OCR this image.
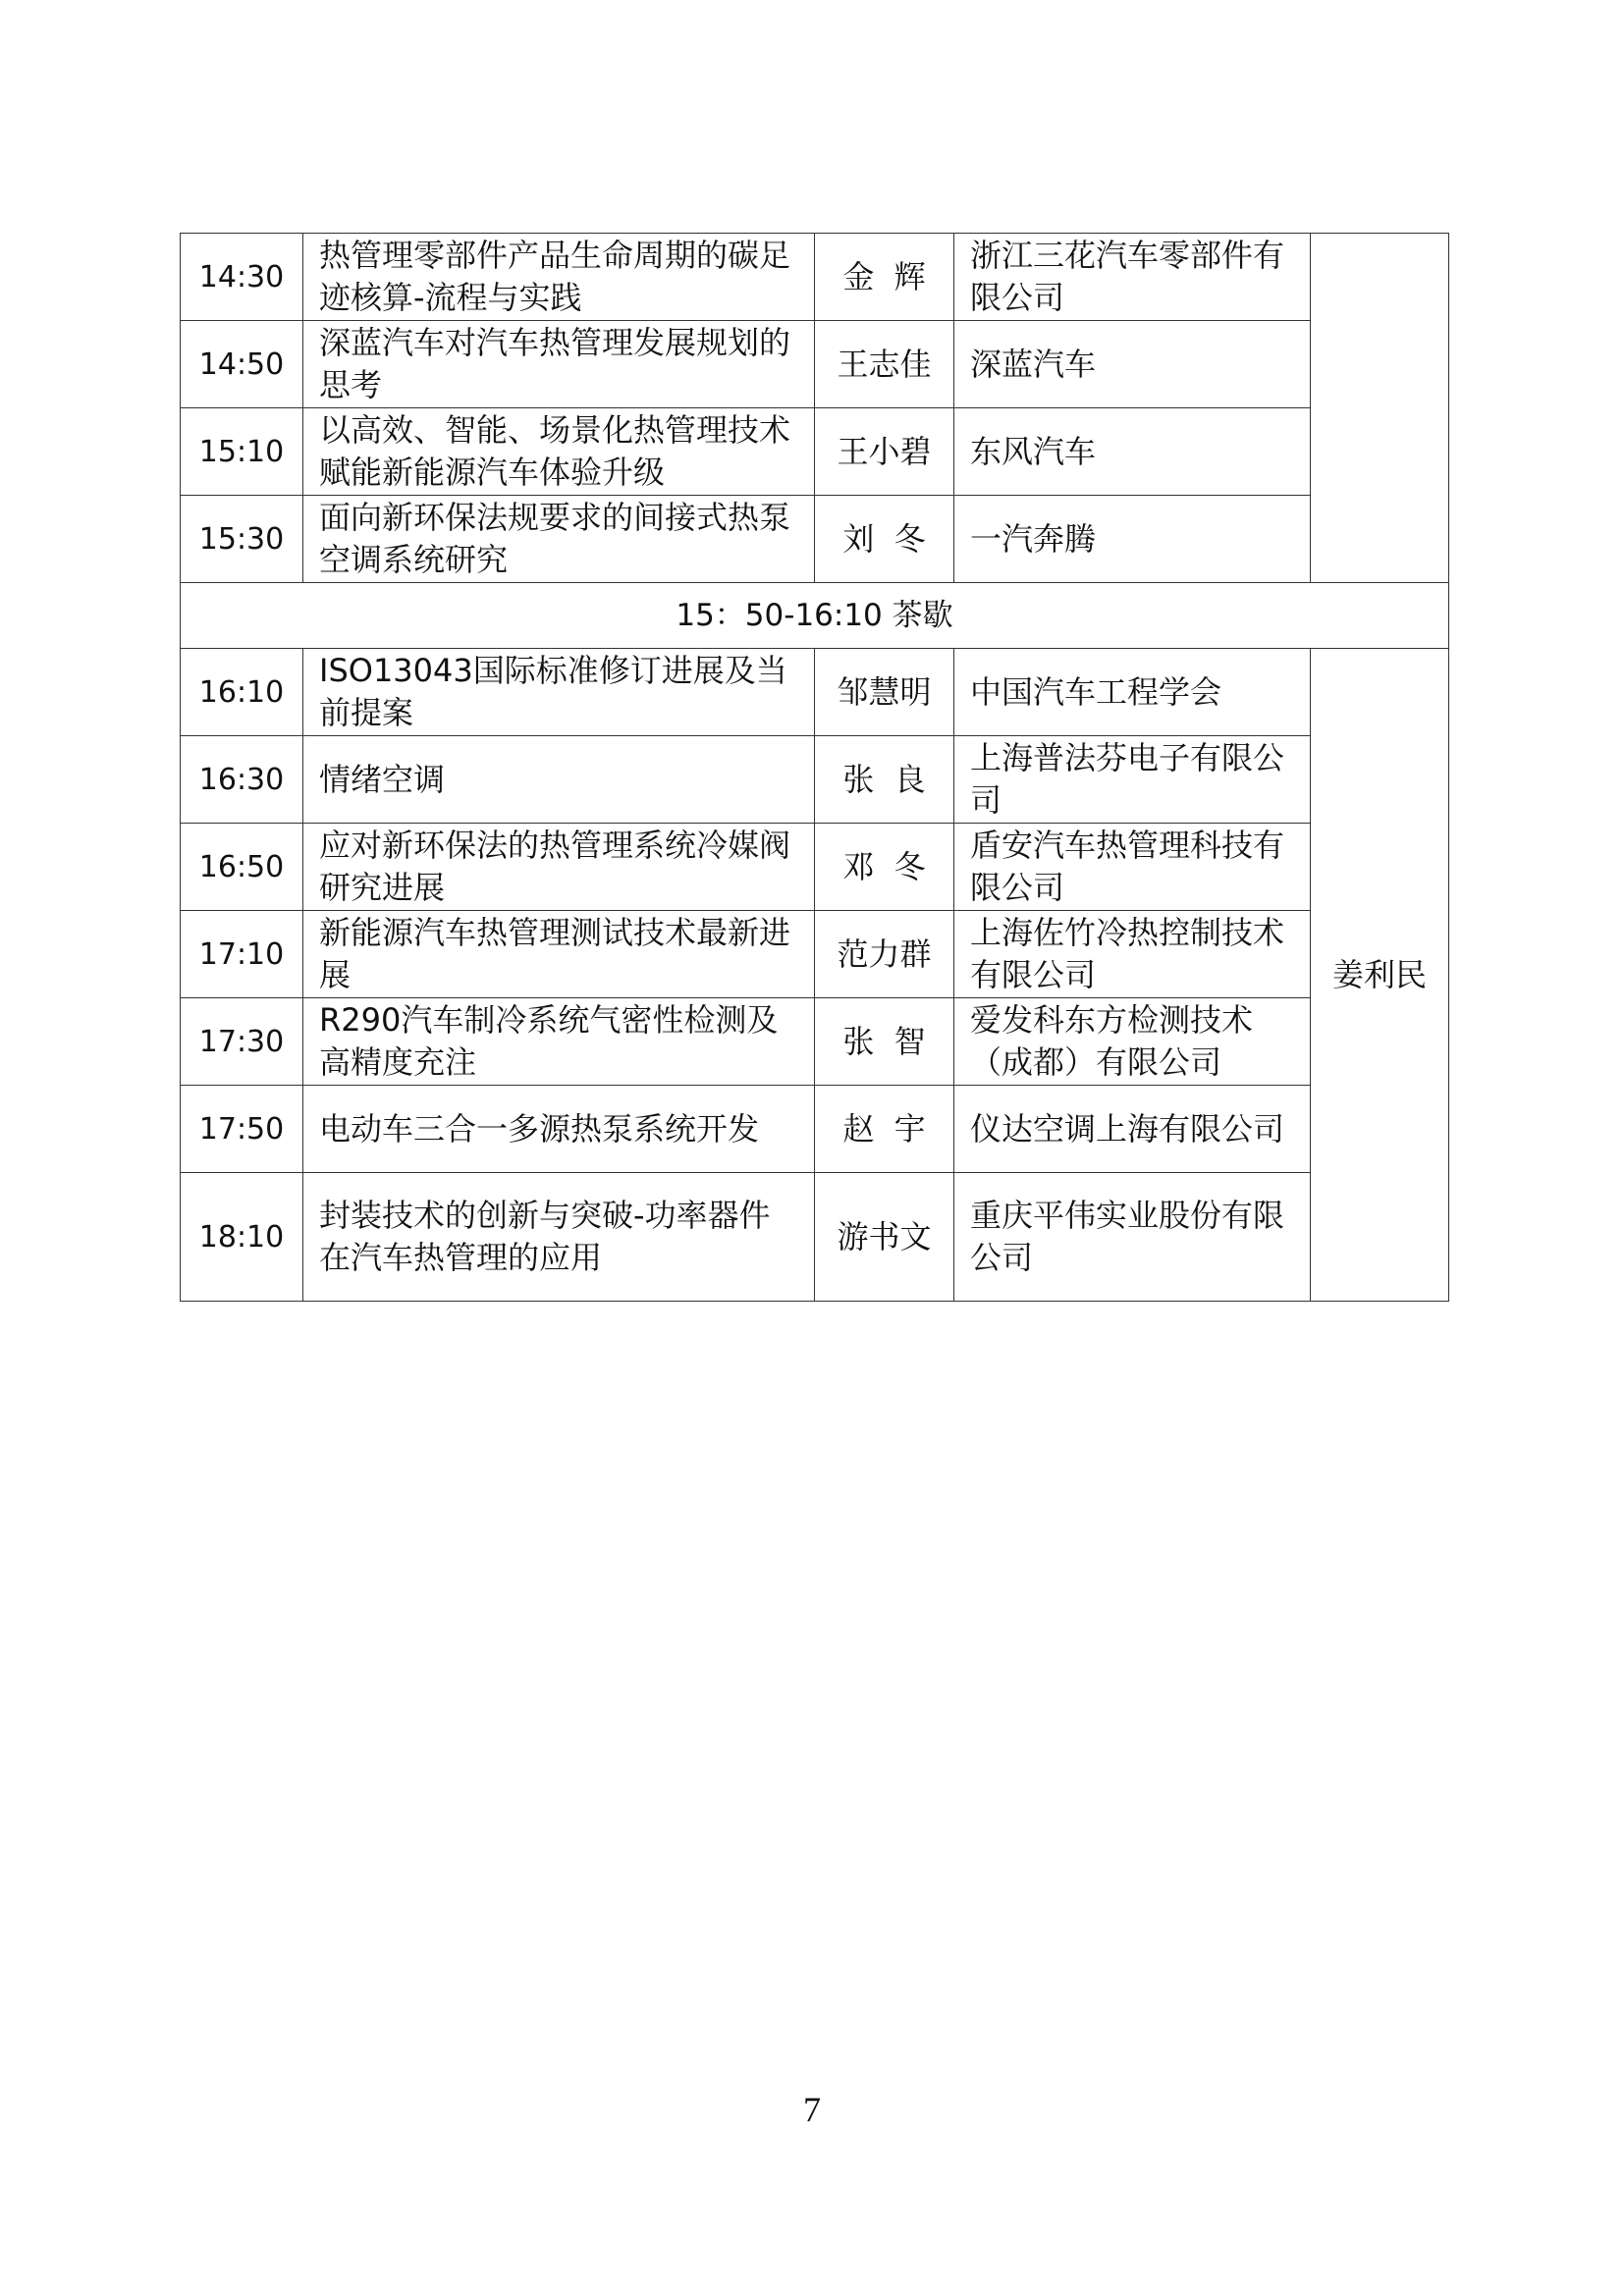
14:30	热管理零部件产品生命周期的碳足迹核算-流程与实践	金  辉	浙江三花汽车零部件有限公司	
14:50	深蓝汽车对汽车热管理发展规划的思考	王志佳	深蓝汽车	
15:10	以高效、智能、场景化热管理技术赋能新能源汽车体验升级	王小碧	东风汽车	
15:30	面向新环保法规要求的间接式热泵空调系统研究	刘  冬	一汽奔腾	
15：50-16:10 茶歇				
16:10	ISO13043国际标准修订进展及当前提案	邹慧明	中国汽车工程学会	姜利民
16:30	情绪空调	张  良	上海普法芬电子有限公司	
16:50	应对新环保法的热管理系统冷媒阀研究进展	邓  冬	盾安汽车热管理科技有限公司	
17:10	新能源汽车热管理测试技术最新进展	范力群	上海佐竹冷热控制技术有限公司	
17:30	R290汽车制冷系统气密性检测及高精度充注	张  智	爱发科东方检测技术（成都）有限公司	
17:50	电动车三合一多源热泵系统开发	赵  宇	仪达空调上海有限公司	
18:10	封装技术的创新与突破-功率器件在汽车热管理的应用	游书文	重庆平伟实业股份有限公司	
7
